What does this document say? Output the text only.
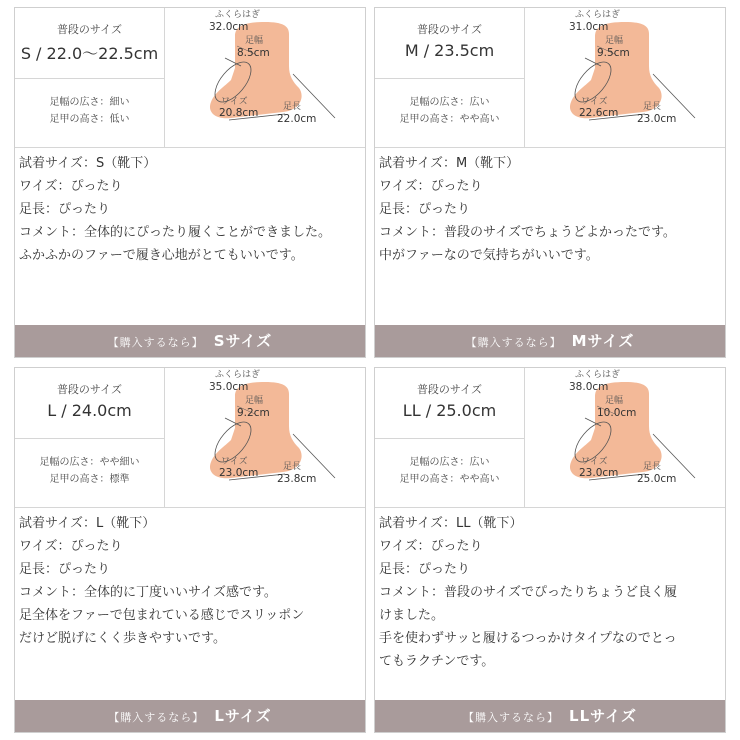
普段のサイズ
S / 22.0〜22.5cm
足幅の広さ：細い
足甲の高さ：低い
ふくらはぎ
32.0cm
足幅
8.5cm
ワイズ
20.8cm	足長
22.0cm
試着サイズ：S（靴下）
ワイズ：ぴったり
足長：ぴったり
コメント：全体的にぴったり履くことができました。
ふかふかのファーで履き心地がとてもいいです。
【購入するなら】 Sサイズ
普段のサイズ
M / 23.5cm
足幅の広さ：広い
足甲の高さ：やや高い
ふくらはぎ
31.0cm
足幅
9.5cm
ワイズ
22.6cm	足長
23.0cm
試着サイズ：M（靴下）
ワイズ：ぴったり
足長：ぴったり
コメント：普段のサイズでちょうどよかったです。
中がファーなので気持ちがいいです。
【購入するなら】 Mサイズ
普段のサイズ
L / 24.0cm
足幅の広さ：やや細い
足甲の高さ：標準
ふくらはぎ
35.0cm
足幅
9.2cm
ワイズ
23.0cm	足長
23.8cm
試着サイズ：L（靴下）
ワイズ：ぴったり
足長：ぴったり
コメント：全体的に丁度いいサイズ感です。
足全体をファーで包まれている感じでスリッポン
だけど脱げにくく歩きやすいです。
【購入するなら】 Lサイズ
普段のサイズ
LL / 25.0cm
足幅の広さ：広い
足甲の高さ：やや高い
ふくらはぎ
38.0cm
足幅
10.0cm
ワイズ
23.0cm	足長
25.0cm
試着サイズ：LL（靴下）
ワイズ：ぴったり
足長：ぴったり
コメント：普段のサイズでぴったりちょうど良く履
けました。
手を使わずサッと履けるつっかけタイプなのでとっ
てもラクチンです。
【購入するなら】 LLサイズ
